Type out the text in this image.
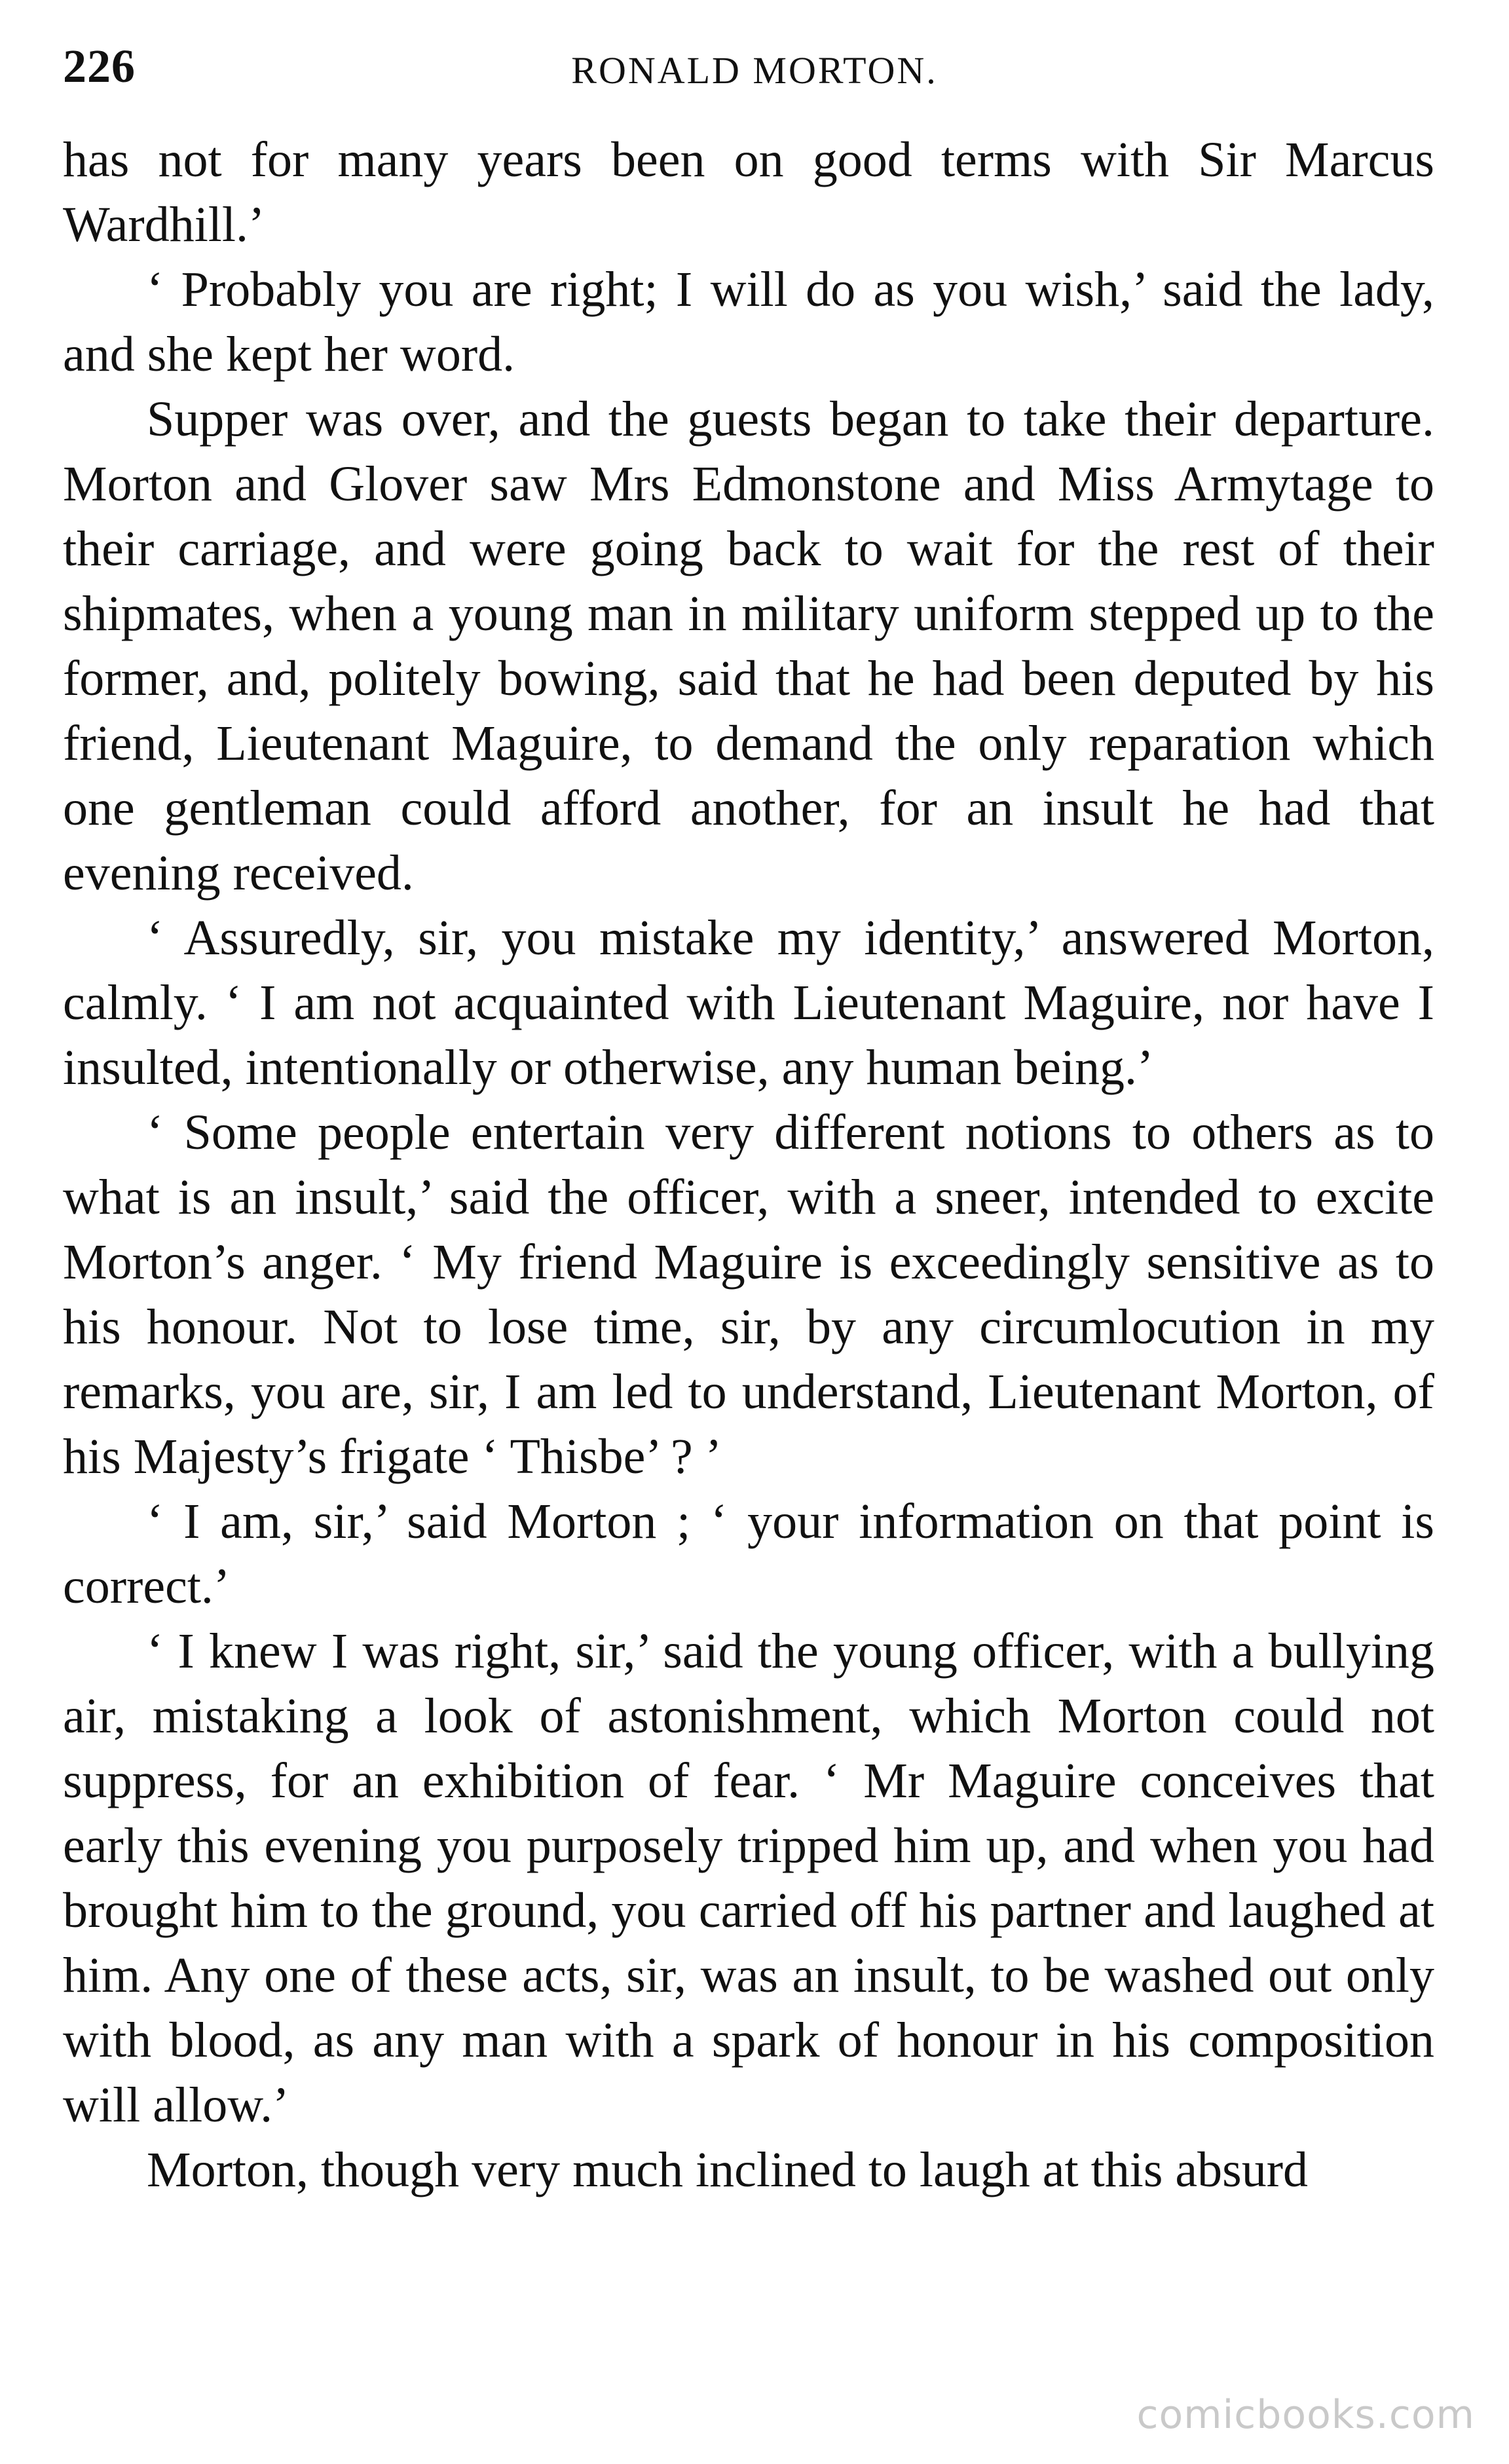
226	RONALD MORTON.

has not for many years been on good terms with Sir Marcus Wardhill.’

‘ Probably you are right; I will do as you wish,’ said the lady, and she kept her word.

Supper was over, and the guests began to take their departure. Morton and Glover saw Mrs Edmonstone and Miss Armytage to their carriage, and were going back to wait for the rest of their shipmates, when a young man in military uniform stepped up to the former, and, politely bowing, said that he had been deputed by his friend, Lieutenant Maguire, to demand the only reparation which one gentleman could afford another, for an insult he had that evening received.

‘ Assuredly, sir, you mistake my identity,’ answered Morton, calmly. ‘ I am not acquainted with Lieutenant Maguire, nor have I insulted, intentionally or otherwise, any human being.’

‘ Some people entertain very different notions to others as to what is an insult,’ said the officer, with a sneer, intended to excite Morton’s anger. ‘ My friend Maguire is exceedingly sensitive as to his honour. Not to lose time, sir, by any circumlocution in my remarks, you are, sir, I am led to understand, Lieutenant Morton, of his Majesty’s frigate ‘ Thisbe’ ? ’

‘ I am, sir,’ said Morton ; ‘ your information on that point is correct.’

‘ I knew I was right, sir,’ said the young officer, with a bullying air, mistaking a look of astonishment, which Morton could not suppress, for an exhibition of fear. ‘ Mr Maguire conceives that early this evening you purposely tripped him up, and when you had brought him to the ground, you carried off his partner and laughed at him. Any one of these acts, sir, was an insult, to be washed out only with blood, as any man with a spark of honour in his composition will allow.’

Morton, though very much inclined to laugh at this absurd

comicbooks.com
